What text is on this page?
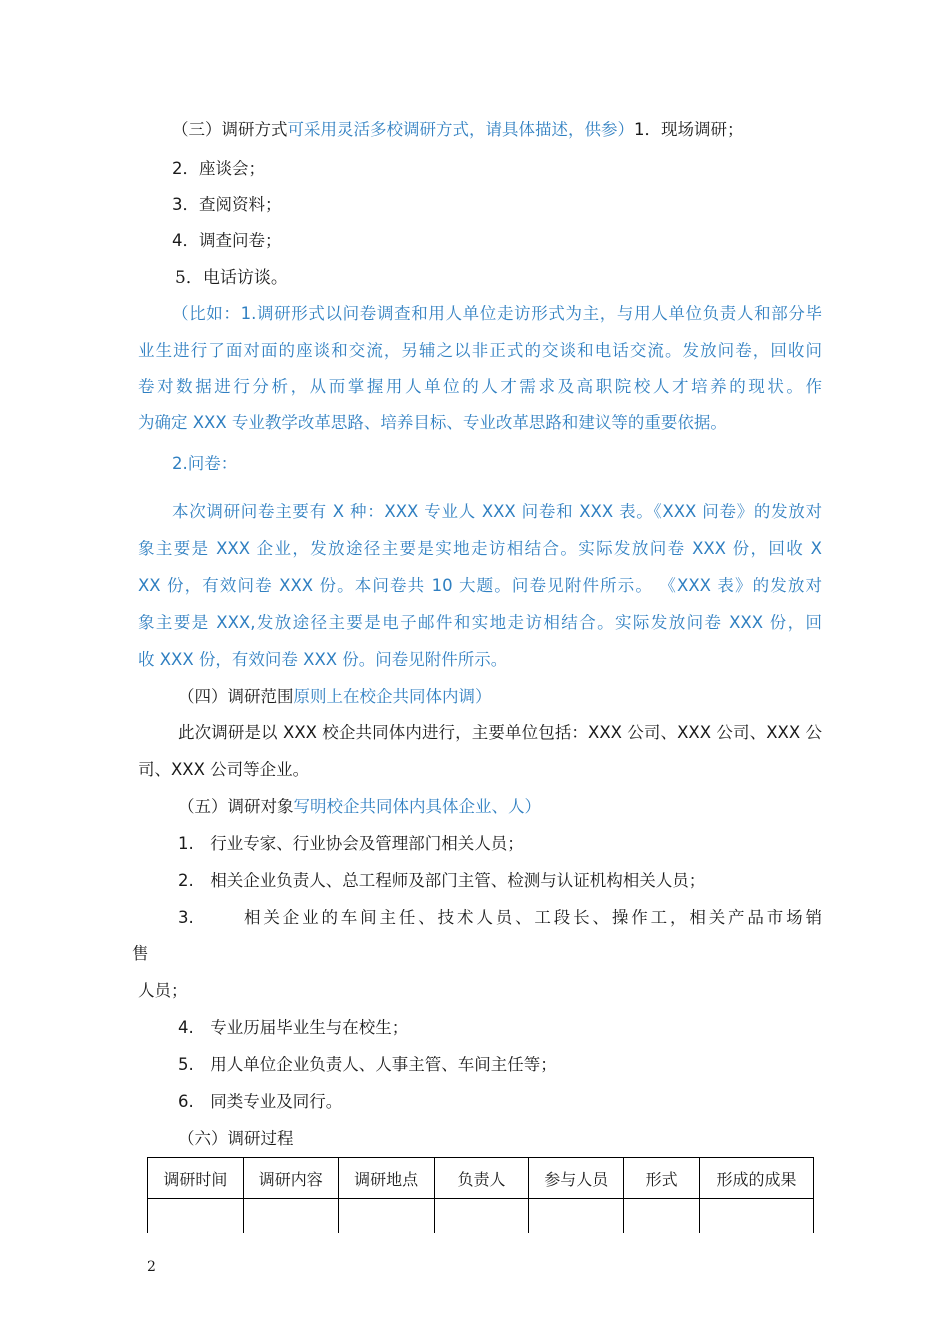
（三）调研方式可采用灵活多校调研方式，请具体描述，供参）1．现场调研；
2．座谈会；
3．查阅资料；
4．调查问卷；
5．电话访谈。
（比如：1.调研形式以问卷调查和用人单位走访形式为主，与用人单位负责人和部分毕
业生进行了面对面的座谈和交流，另辅之以非正式的交谈和电话交流。发放问卷，回收问
卷对数据进行分析，从而掌握用人单位的人才需求及高职院校人才培养的现状。作
为确定 XXX 专业教学改革思路、培养目标、专业改革思路和建议等的重要依据。
2.问卷：
本次调研问卷主要有 X 种：XXX 专业人 XXX 问卷和 XXX 表。《XXX 问卷》的发放对
象主要是 XXX 企业，发放途径主要是实地走访相结合。实际发放问卷 XXX 份，回收 X
XX 份，有效问卷 XXX 份。本问卷共 10 大题。问卷见附件所示。 《XXX 表》的发放对
象主要是 XXX,发放途径主要是电子邮件和实地走访相结合。实际发放问卷 XXX 份，回
收 XXX 份，有效问卷 XXX 份。问卷见附件所示。
（四）调研范围原则上在校企共同体内调）
此次调研是以 XXX 校企共同体内进行，主要单位包括：XXX 公司、XXX 公司、XXX 公
司、XXX 公司等企业。
（五）调研对象写明校企共同体内具体企业、人）
1.　行业专家、行业协会及管理部门相关人员；
2.　相关企业负责人、总工程师及部门主管、检测与认证机构相关人员；
3.	相关企业的车间主任、技术人员、工段长、操作工，相关产品市场销
售
人员；
4.　专业历届毕业生与在校生；
5.　用人单位企业负责人、人事主管、车间主任等；
6.　同类专业及同行。
（六）调研过程
调研时间	调研内容	调研地点	负责人	参与人员	形式	形成的成果

2
